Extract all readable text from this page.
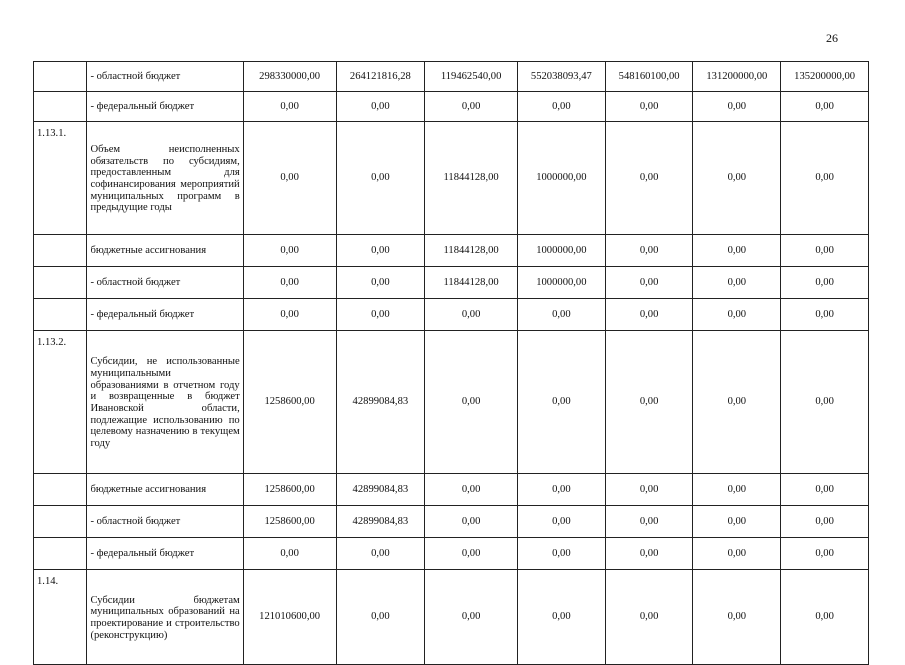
26
	- областной бюджет	298330000,00	264121816,28	119462540,00	552038093,47	548160100,00	131200000,00	135200000,00
	- федеральный бюджет	0,00	0,00	0,00	0,00	0,00	0,00	0,00
1.13.1.	Объем неисполненных обязательств по субсидиям, предоставленным для софинансирования мероприятий муниципальных программ в предыдущие годы	0,00	0,00	11844128,00	1000000,00	0,00	0,00	0,00
	бюджетные ассигнования	0,00	0,00	11844128,00	1000000,00	0,00	0,00	0,00
	- областной бюджет	0,00	0,00	11844128,00	1000000,00	0,00	0,00	0,00
	- федеральный бюджет	0,00	0,00	0,00	0,00	0,00	0,00	0,00
1.13.2.	Субсидии, не использованные муниципальными образованиями в отчетном году и возвращенные в бюджет Ивановской области, подлежащие использованию по целевому назначению в текущем году	1258600,00	42899084,83	0,00	0,00	0,00	0,00	0,00
	бюджетные ассигнования	1258600,00	42899084,83	0,00	0,00	0,00	0,00	0,00
	- областной бюджет	1258600,00	42899084,83	0,00	0,00	0,00	0,00	0,00
	- федеральный бюджет	0,00	0,00	0,00	0,00	0,00	0,00	0,00
1.14.	Субсидии бюджетам муниципальных образований на проектирование и строительство (реконструкцию)	121010600,00	0,00	0,00	0,00	0,00	0,00	0,00
